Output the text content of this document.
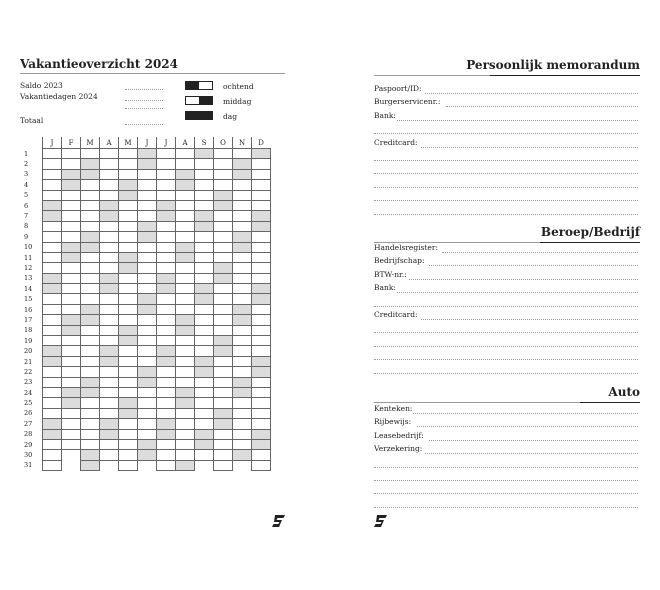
Vakantieoverzicht 2024
Saldo 2023
Vakantiedagen 2024
Totaal
ochtend
middag
dag
	J	F	M	A	M	J	J	A	S	O	N	D
1												
2												
3												
4												
5												
6												
7												
8												
9												
10												
11												
12												
13												
14												
15												
16												
17												
18												
19												
20												
21												
22												
23												
24												
25												
26												
27												
28												
29												
30												
31												
Persoonlijk memorandum
Paspoort/ID:
Burgerservicenr.:
Bank:
Creditcard:
Beroep/Bedrijf
Handelsregister:
Bedrijfschap:
BTW-nr.:
Bank:
Creditcard:
Auto
Kenteken:
Rijbewijs:
Leasebedrijf:
Verzekering:
